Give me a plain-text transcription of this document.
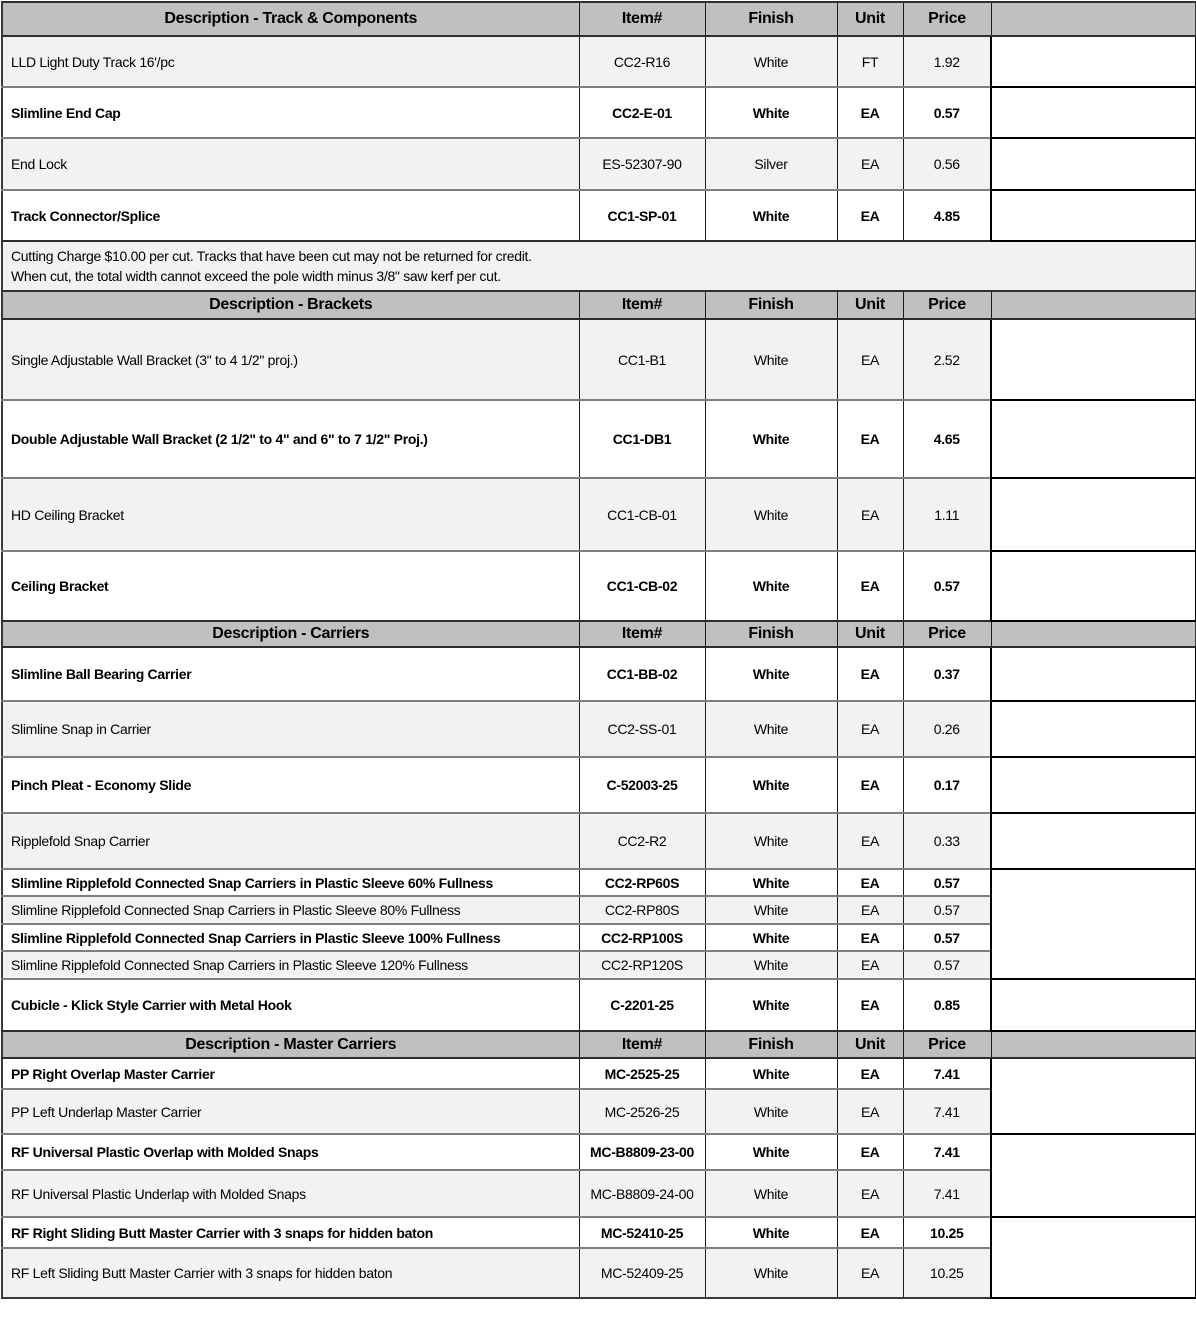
Description - Track & Components	Item#	Finish	Unit	Price	
LLD Light Duty Track 16'/pc	CC2-R16	White	FT	1.92	
Slimline End Cap	CC2-E-01	White	EA	0.57	
End Lock	ES-52307-90	Silver	EA	0.56	
Track Connector/Splice	CC1-SP-01	White	EA	4.85	

Cutting Charge $10.00 per cut. Tracks that have been cut may not be returned for credit.
When cut, the total width cannot exceed the pole width minus 3/8" saw kerf per cut.					

Description - Brackets	Item#	Finish	Unit	Price	
Single Adjustable Wall Bracket (3" to 4 1/2" proj.)	CC1-B1	White	EA	2.52	
Double Adjustable Wall Bracket (2 1/2" to 4" and 6" to 7 1/2" Proj.)	CC1-DB1	White	EA	4.65	
HD Ceiling Bracket	CC1-CB-01	White	EA	1.11	
Ceiling Bracket	CC1-CB-02	White	EA	0.57	
Description - Carriers	Item#	Finish	Unit	Price	
Slimline Ball Bearing Carrier	CC1-BB-02	White	EA	0.37	
Slimline Snap in Carrier	CC2-SS-01	White	EA	0.26	
Pinch Pleat - Economy Slide	C-52003-25	White	EA	0.17	
Ripplefold Snap Carrier	CC2-R2	White	EA	0.33	
Slimline Ripplefold Connected Snap Carriers in Plastic Sleeve 60% Fullness	CC2-RP60S	White	EA	0.57	
Slimline Ripplefold Connected Snap Carriers in Plastic Sleeve 80% Fullness	CC2-RP80S	White	EA	0.57	
Slimline Ripplefold Connected Snap Carriers in Plastic Sleeve 100% Fullness	CC2-RP100S	White	EA	0.57	
Slimline Ripplefold Connected Snap Carriers in Plastic Sleeve 120% Fullness	CC2-RP120S	White	EA	0.57	
Cubicle - Klick Style Carrier with Metal Hook	C-2201-25	White	EA	0.85	
Description - Master Carriers	Item#	Finish	Unit	Price	
PP Right Overlap Master Carrier	MC-2525-25	White	EA	7.41	
PP Left Underlap Master Carrier	MC-2526-25	White	EA	7.41	
RF Universal Plastic Overlap with Molded Snaps	MC-B8809-23-00	White	EA	7.41	
RF Universal Plastic Underlap with Molded Snaps	MC-B8809-24-00	White	EA	7.41	
RF Right Sliding Butt Master Carrier with 3 snaps for hidden baton	MC-52410-25	White	EA	10.25	
RF Left Sliding Butt Master Carrier with 3 snaps for hidden baton	MC-52409-25	White	EA	10.25	
